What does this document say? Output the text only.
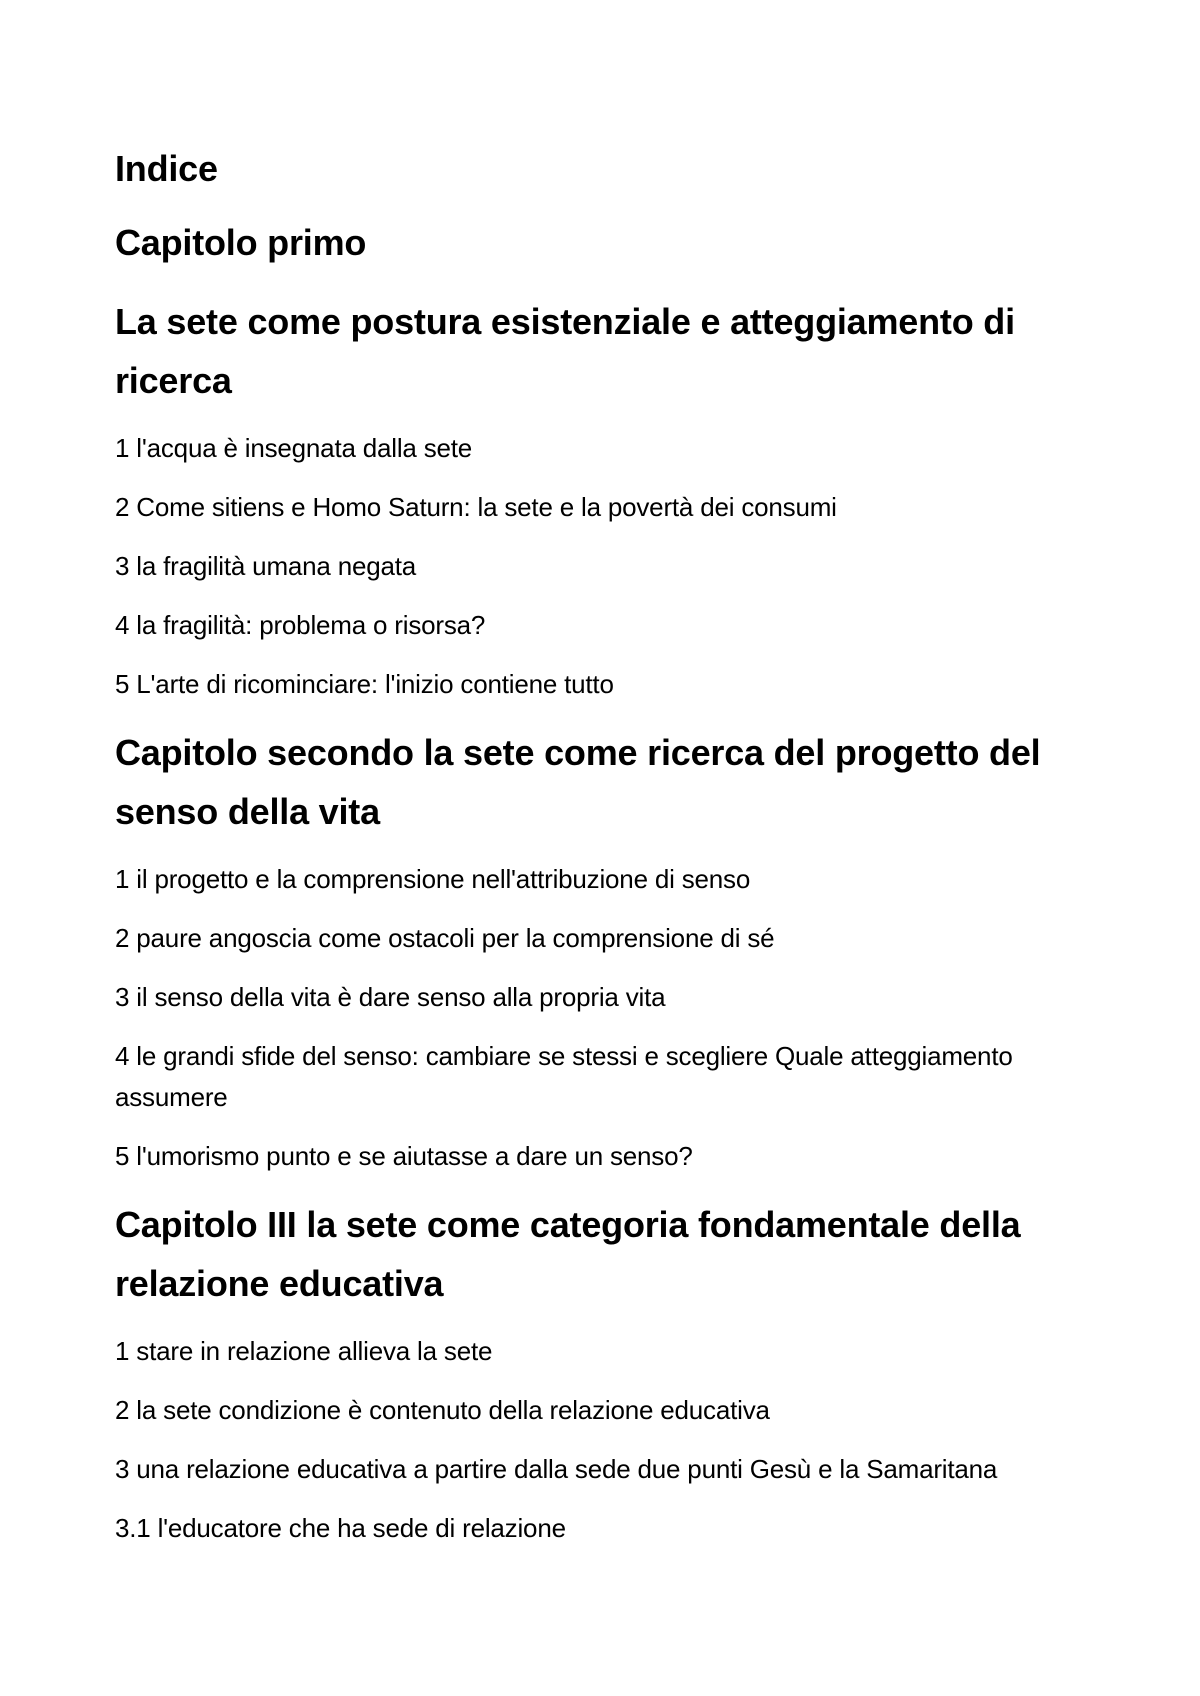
Indice
Capitolo primo
La sete come postura esistenziale e atteggiamento di ricerca
1 l'acqua è insegnata dalla sete
2 Come sitiens e Homo Saturn: la sete e la povertà dei consumi
3 la fragilità umana negata
4 la fragilità: problema o risorsa?
5 L'arte di ricominciare: l'inizio contiene tutto
Capitolo secondo la sete come ricerca del progetto del senso della vita
1 il progetto e la comprensione nell'attribuzione di senso
2 paure angoscia come ostacoli per la comprensione di sé
3 il senso della vita è dare senso alla propria vita
4 le grandi sfide del senso: cambiare se stessi e scegliere Quale atteggiamento assumere
5 l'umorismo punto e se aiutasse a dare un senso?
Capitolo III la sete come categoria fondamentale della relazione educativa
1 stare in relazione allieva la sete
2 la sete condizione è contenuto della relazione educativa
3 una relazione educativa a partire dalla sede due punti Gesù e la Samaritana
3.1 l'educatore che ha sede di relazione
